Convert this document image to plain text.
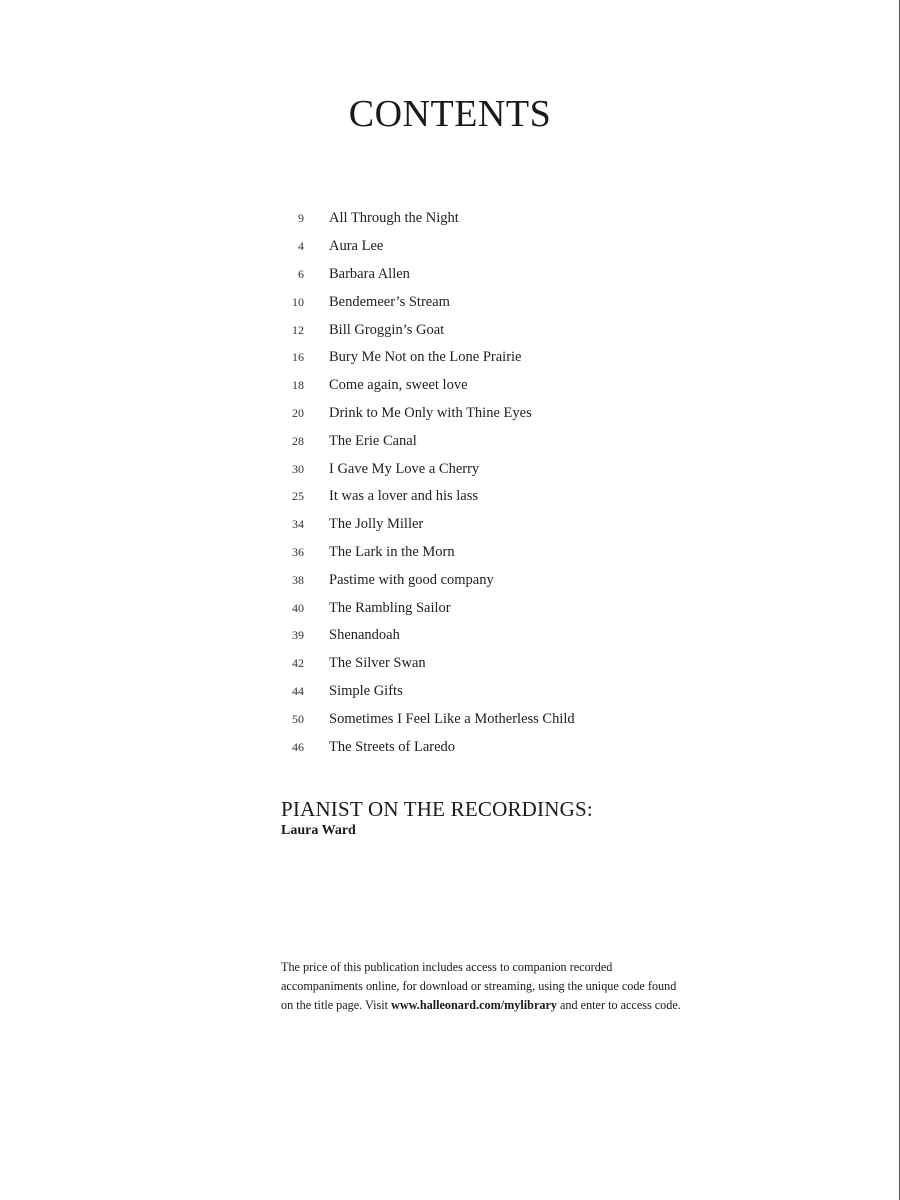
CONTENTS
9 All Through the Night
4 Aura Lee
6 Barbara Allen
10 Bendemeer’s Stream
12 Bill Groggin’s Goat
16 Bury Me Not on the Lone Prairie
18 Come again, sweet love
20 Drink to Me Only with Thine Eyes
28 The Erie Canal
30 I Gave My Love a Cherry
25 It was a lover and his lass
34 The Jolly Miller
36 The Lark in the Morn
38 Pastime with good company
40 The Rambling Sailor
39 Shenandoah
42 The Silver Swan
44 Simple Gifts
50 Sometimes I Feel Like a Motherless Child
46 The Streets of Laredo
PIANIST ON THE RECORDINGS:

Laura Ward

The price of this publication includes access to companion recorded accompaniments online, for download or streaming, using the unique code found on the title page. Visit www.halleonard.com/mylibrary and enter to access code.
